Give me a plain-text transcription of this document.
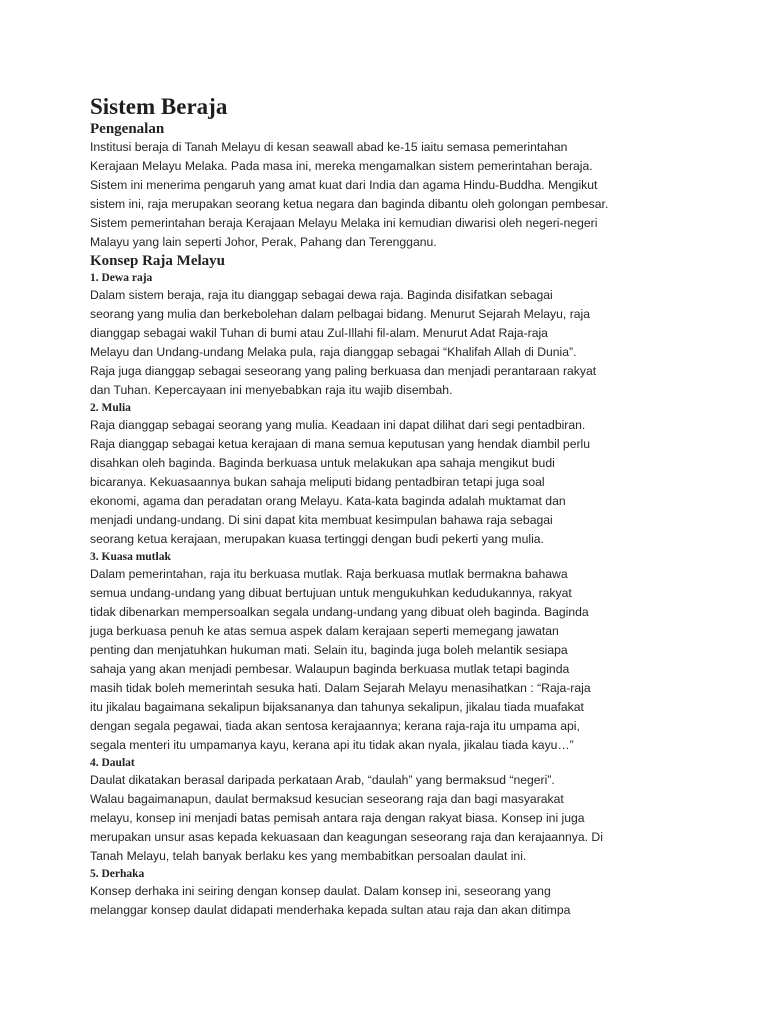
Sistem Beraja
Pengenalan

Institusi beraja di Tanah Melayu di kesan seawall abad ke-15 iaitu semasa pemerintahan
Kerajaan Melayu Melaka. Pada masa ini, mereka mengamalkan sistem pemerintahan beraja.
Sistem ini menerima pengaruh yang amat kuat dari India dan agama Hindu-Buddha. Mengikut
sistem ini, raja merupakan seorang ketua negara dan baginda dibantu oleh golongan pembesar.
Sistem pemerintahan beraja Kerajaan Melayu Melaka ini kemudian diwarisi oleh negeri-negeri
Malayu yang lain seperti Johor, Perak, Pahang dan Terengganu.

Konsep Raja Melayu
1. Dewa raja

Dalam sistem beraja, raja itu dianggap sebagai dewa raja. Baginda disifatkan sebagai
seorang yang mulia dan berkebolehan dalam pelbagai bidang. Menurut Sejarah Melayu, raja
dianggap sebagai wakil Tuhan di bumi atau Zul-Illahi fil-alam. Menurut Adat Raja-raja
Melayu dan Undang-undang Melaka pula, raja dianggap sebagai “Khalifah Allah di Dunia”.
Raja juga dianggap sebagai seseorang yang paling berkuasa dan menjadi perantaraan rakyat
dan Tuhan. Kepercayaan ini menyebabkan raja itu wajib disembah.

2. Mulia

Raja dianggap sebagai seorang yang mulia. Keadaan ini dapat dilihat dari segi pentadbiran.
Raja dianggap sebagai ketua kerajaan di mana semua keputusan yang hendak diambil perlu
disahkan oleh baginda. Baginda berkuasa untuk melakukan apa sahaja mengikut budi
bicaranya. Kekuasaannya bukan sahaja meliputi bidang pentadbiran tetapi juga soal
ekonomi, agama dan peradatan orang Melayu. Kata-kata baginda adalah muktamat dan
menjadi undang-undang. Di sini dapat kita membuat kesimpulan bahawa raja sebagai
seorang ketua kerajaan, merupakan kuasa tertinggi dengan budi pekerti yang mulia.

3. Kuasa mutlak

Dalam pemerintahan, raja itu berkuasa mutlak. Raja berkuasa mutlak bermakna bahawa
semua undang-undang yang dibuat bertujuan untuk mengukuhkan kedudukannya, rakyat
tidak dibenarkan mempersoalkan segala undang-undang yang dibuat oleh baginda. Baginda
juga berkuasa penuh ke atas semua aspek dalam kerajaan seperti memegang jawatan
penting dan menjatuhkan hukuman mati. Selain itu, baginda juga boleh melantik sesiapa
sahaja yang akan menjadi pembesar. Walaupun baginda berkuasa mutlak tetapi baginda
masih tidak boleh memerintah sesuka hati. Dalam Sejarah Melayu menasihatkan : “Raja-raja
itu jikalau bagaimana sekalipun bijaksananya dan tahunya sekalipun, jikalau tiada muafakat
dengan segala pegawai, tiada akan sentosa kerajaannya; kerana raja-raja itu umpama api,
segala menteri itu umpamanya kayu, kerana api itu tidak akan nyala, jikalau tiada kayu…”

4. Daulat

Daulat dikatakan berasal daripada perkataan Arab, “daulah” yang bermaksud “negeri”.
Walau bagaimanapun, daulat bermaksud kesucian seseorang raja dan bagi masyarakat
melayu, konsep ini menjadi batas pemisah antara raja dengan rakyat biasa. Konsep ini juga
merupakan unsur asas kepada kekuasaan dan keagungan seseorang raja dan kerajaannya. Di
Tanah Melayu, telah banyak berlaku kes yang membabitkan persoalan daulat ini.

5. Derhaka

Konsep derhaka ini seiring dengan konsep daulat. Dalam konsep ini, seseorang yang
melanggar konsep daulat didapati menderhaka kepada sultan atau raja dan akan ditimpa
